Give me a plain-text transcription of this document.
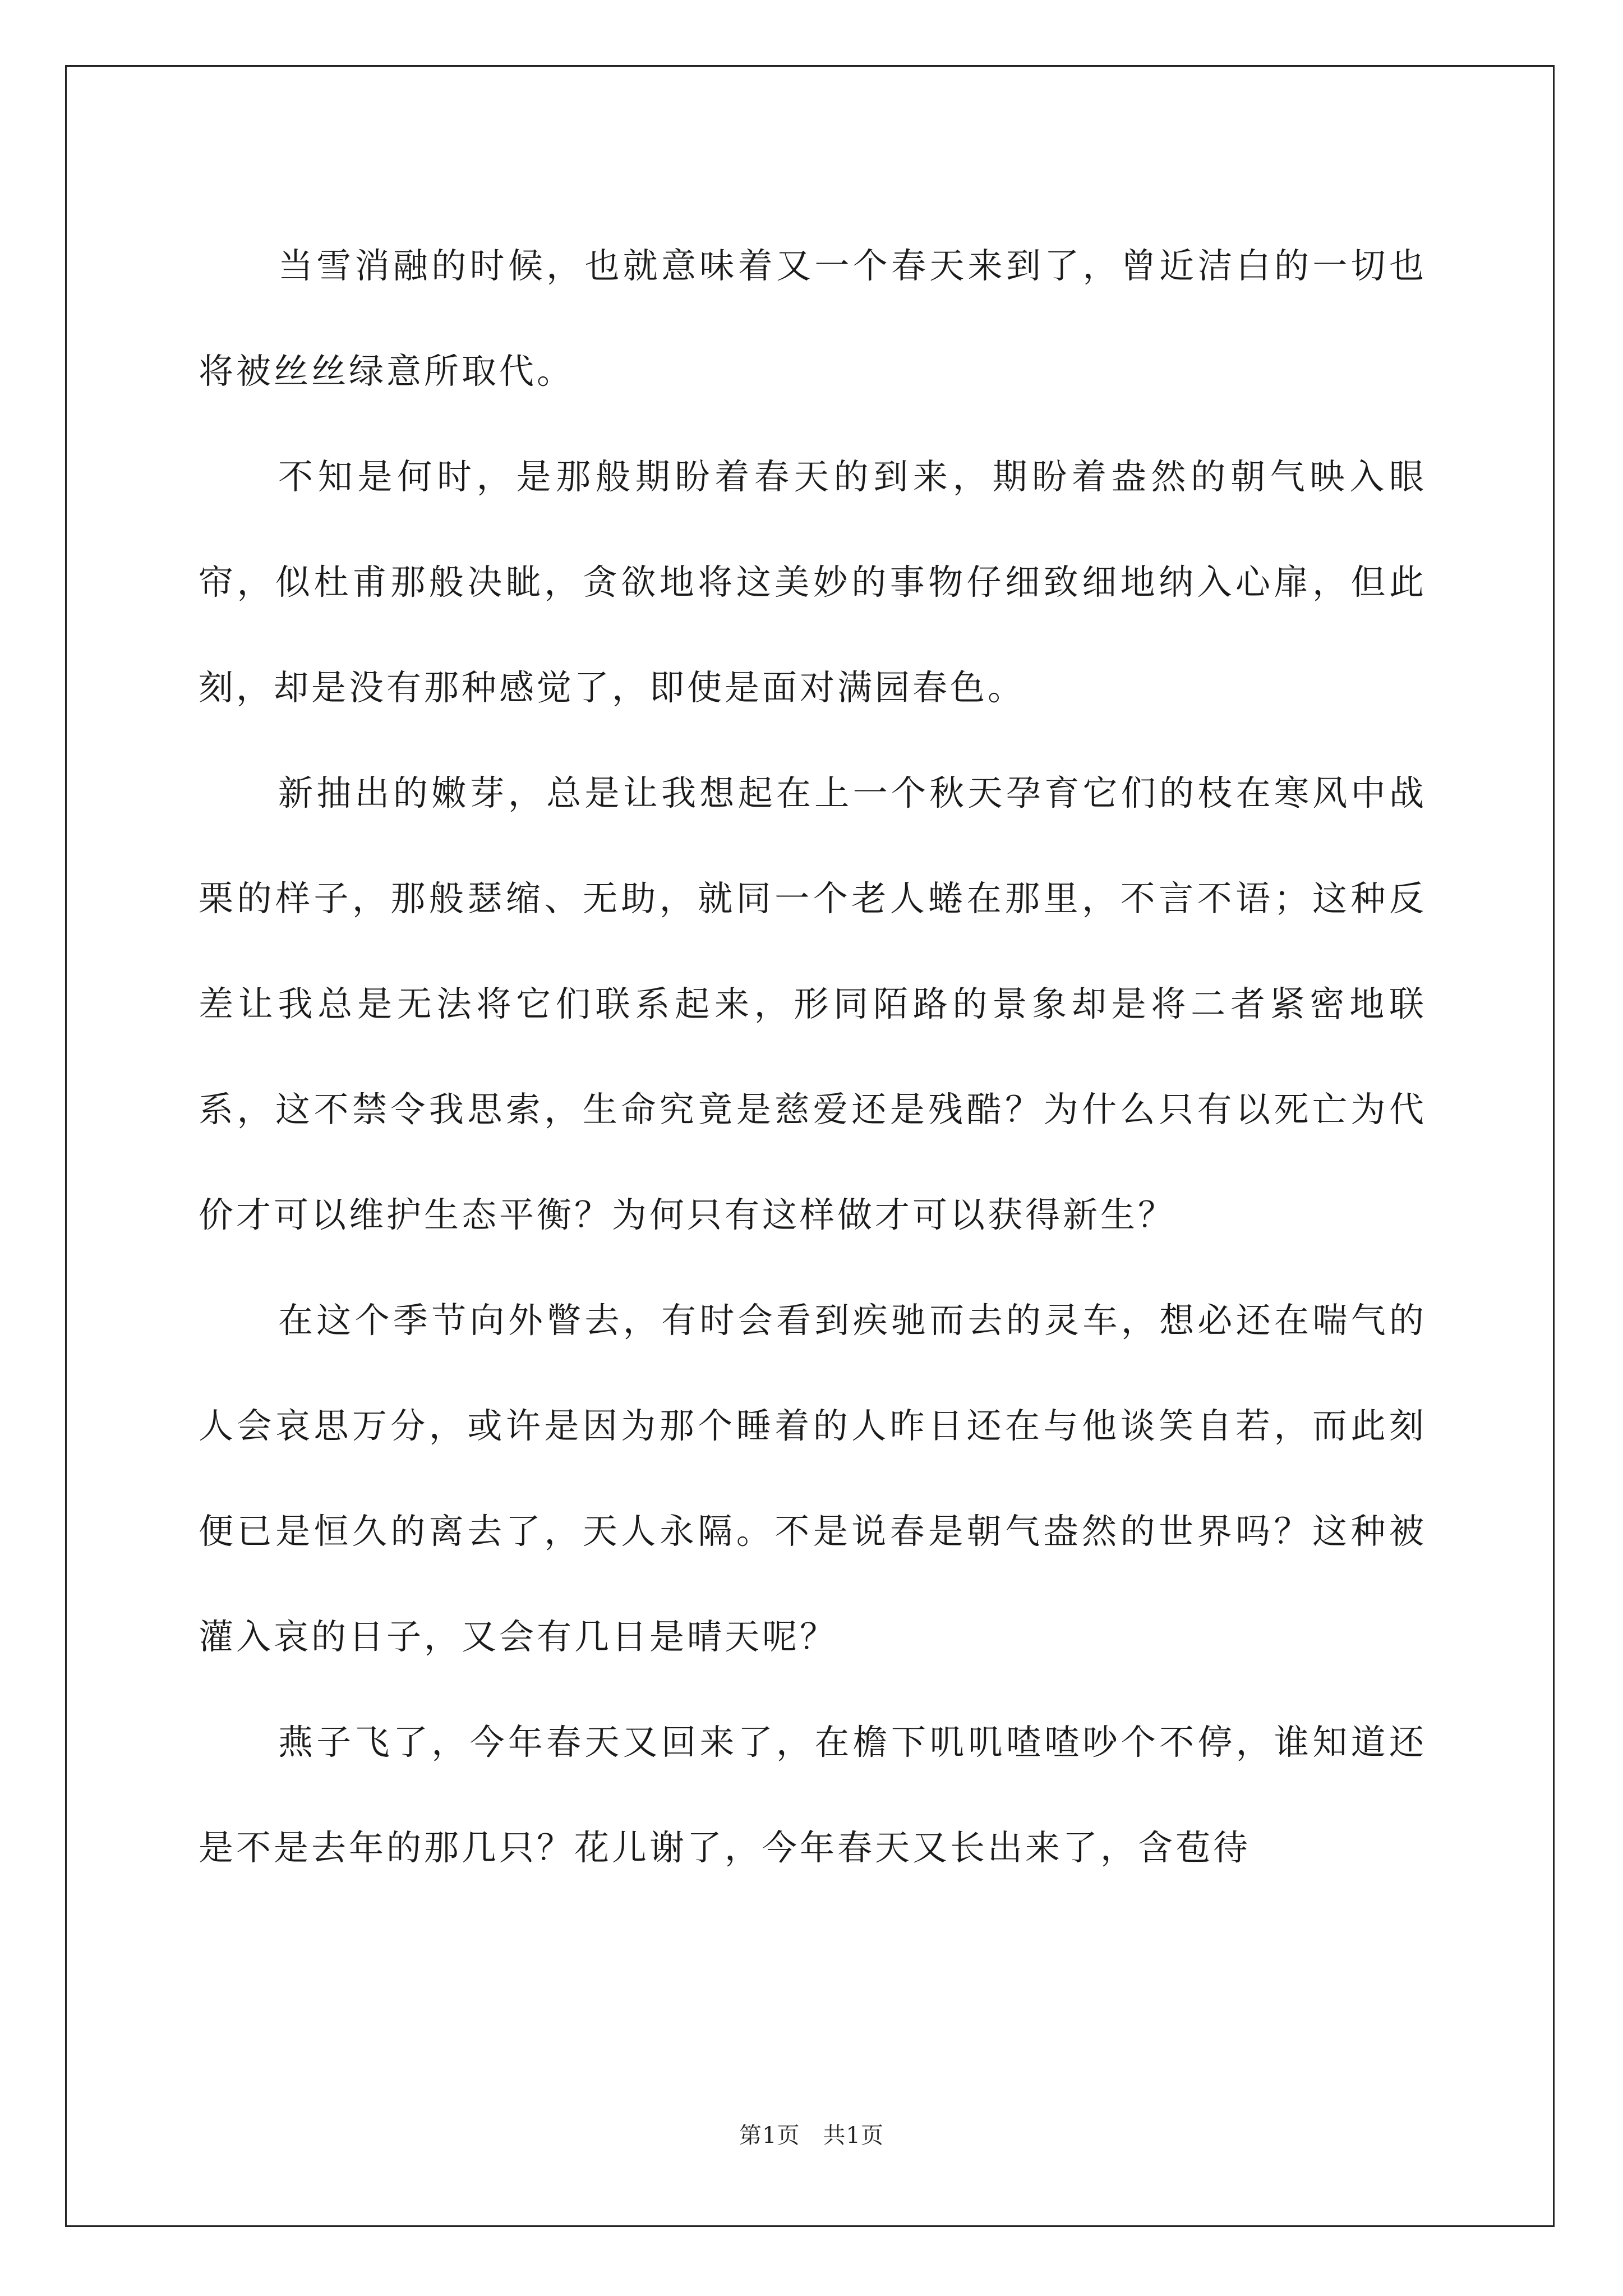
当雪消融的时候，也就意味着又一个春天来到了，曾近洁白的一切也将被丝丝绿意所取代。

不知是何时，是那般期盼着春天的到来，期盼着盎然的朝气映入眼帘，似杜甫那般决眦，贪欲地将这美妙的事物仔细致细地纳入心扉，但此刻，却是没有那种感觉了，即使是面对满园春色。

新抽出的嫩芽，总是让我想起在上一个秋天孕育它们的枝在寒风中战栗的样子，那般瑟缩、无助，就同一个老人蜷在那里，不言不语；这种反差让我总是无法将它们联系起来，形同陌路的景象却是将二者紧密地联系，这不禁令我思索，生命究竟是慈爱还是残酷？为什么只有以死亡为代价才可以维护生态平衡？为何只有这样做才可以获得新生？

在这个季节向外瞥去，有时会看到疾驰而去的灵车，想必还在喘气的人会哀思万分，或许是因为那个睡着的人昨日还在与他谈笑自若，而此刻便已是恒久的离去了，天人永隔。不是说春是朝气盎然的世界吗？这种被灌入哀的日子，又会有几日是晴天呢？

燕子飞了，今年春天又回来了，在檐下叽叽喳喳吵个不停，谁知道还是不是去年的那几只？花儿谢了，今年春天又长出来了，含苞待

第1页　共1页
